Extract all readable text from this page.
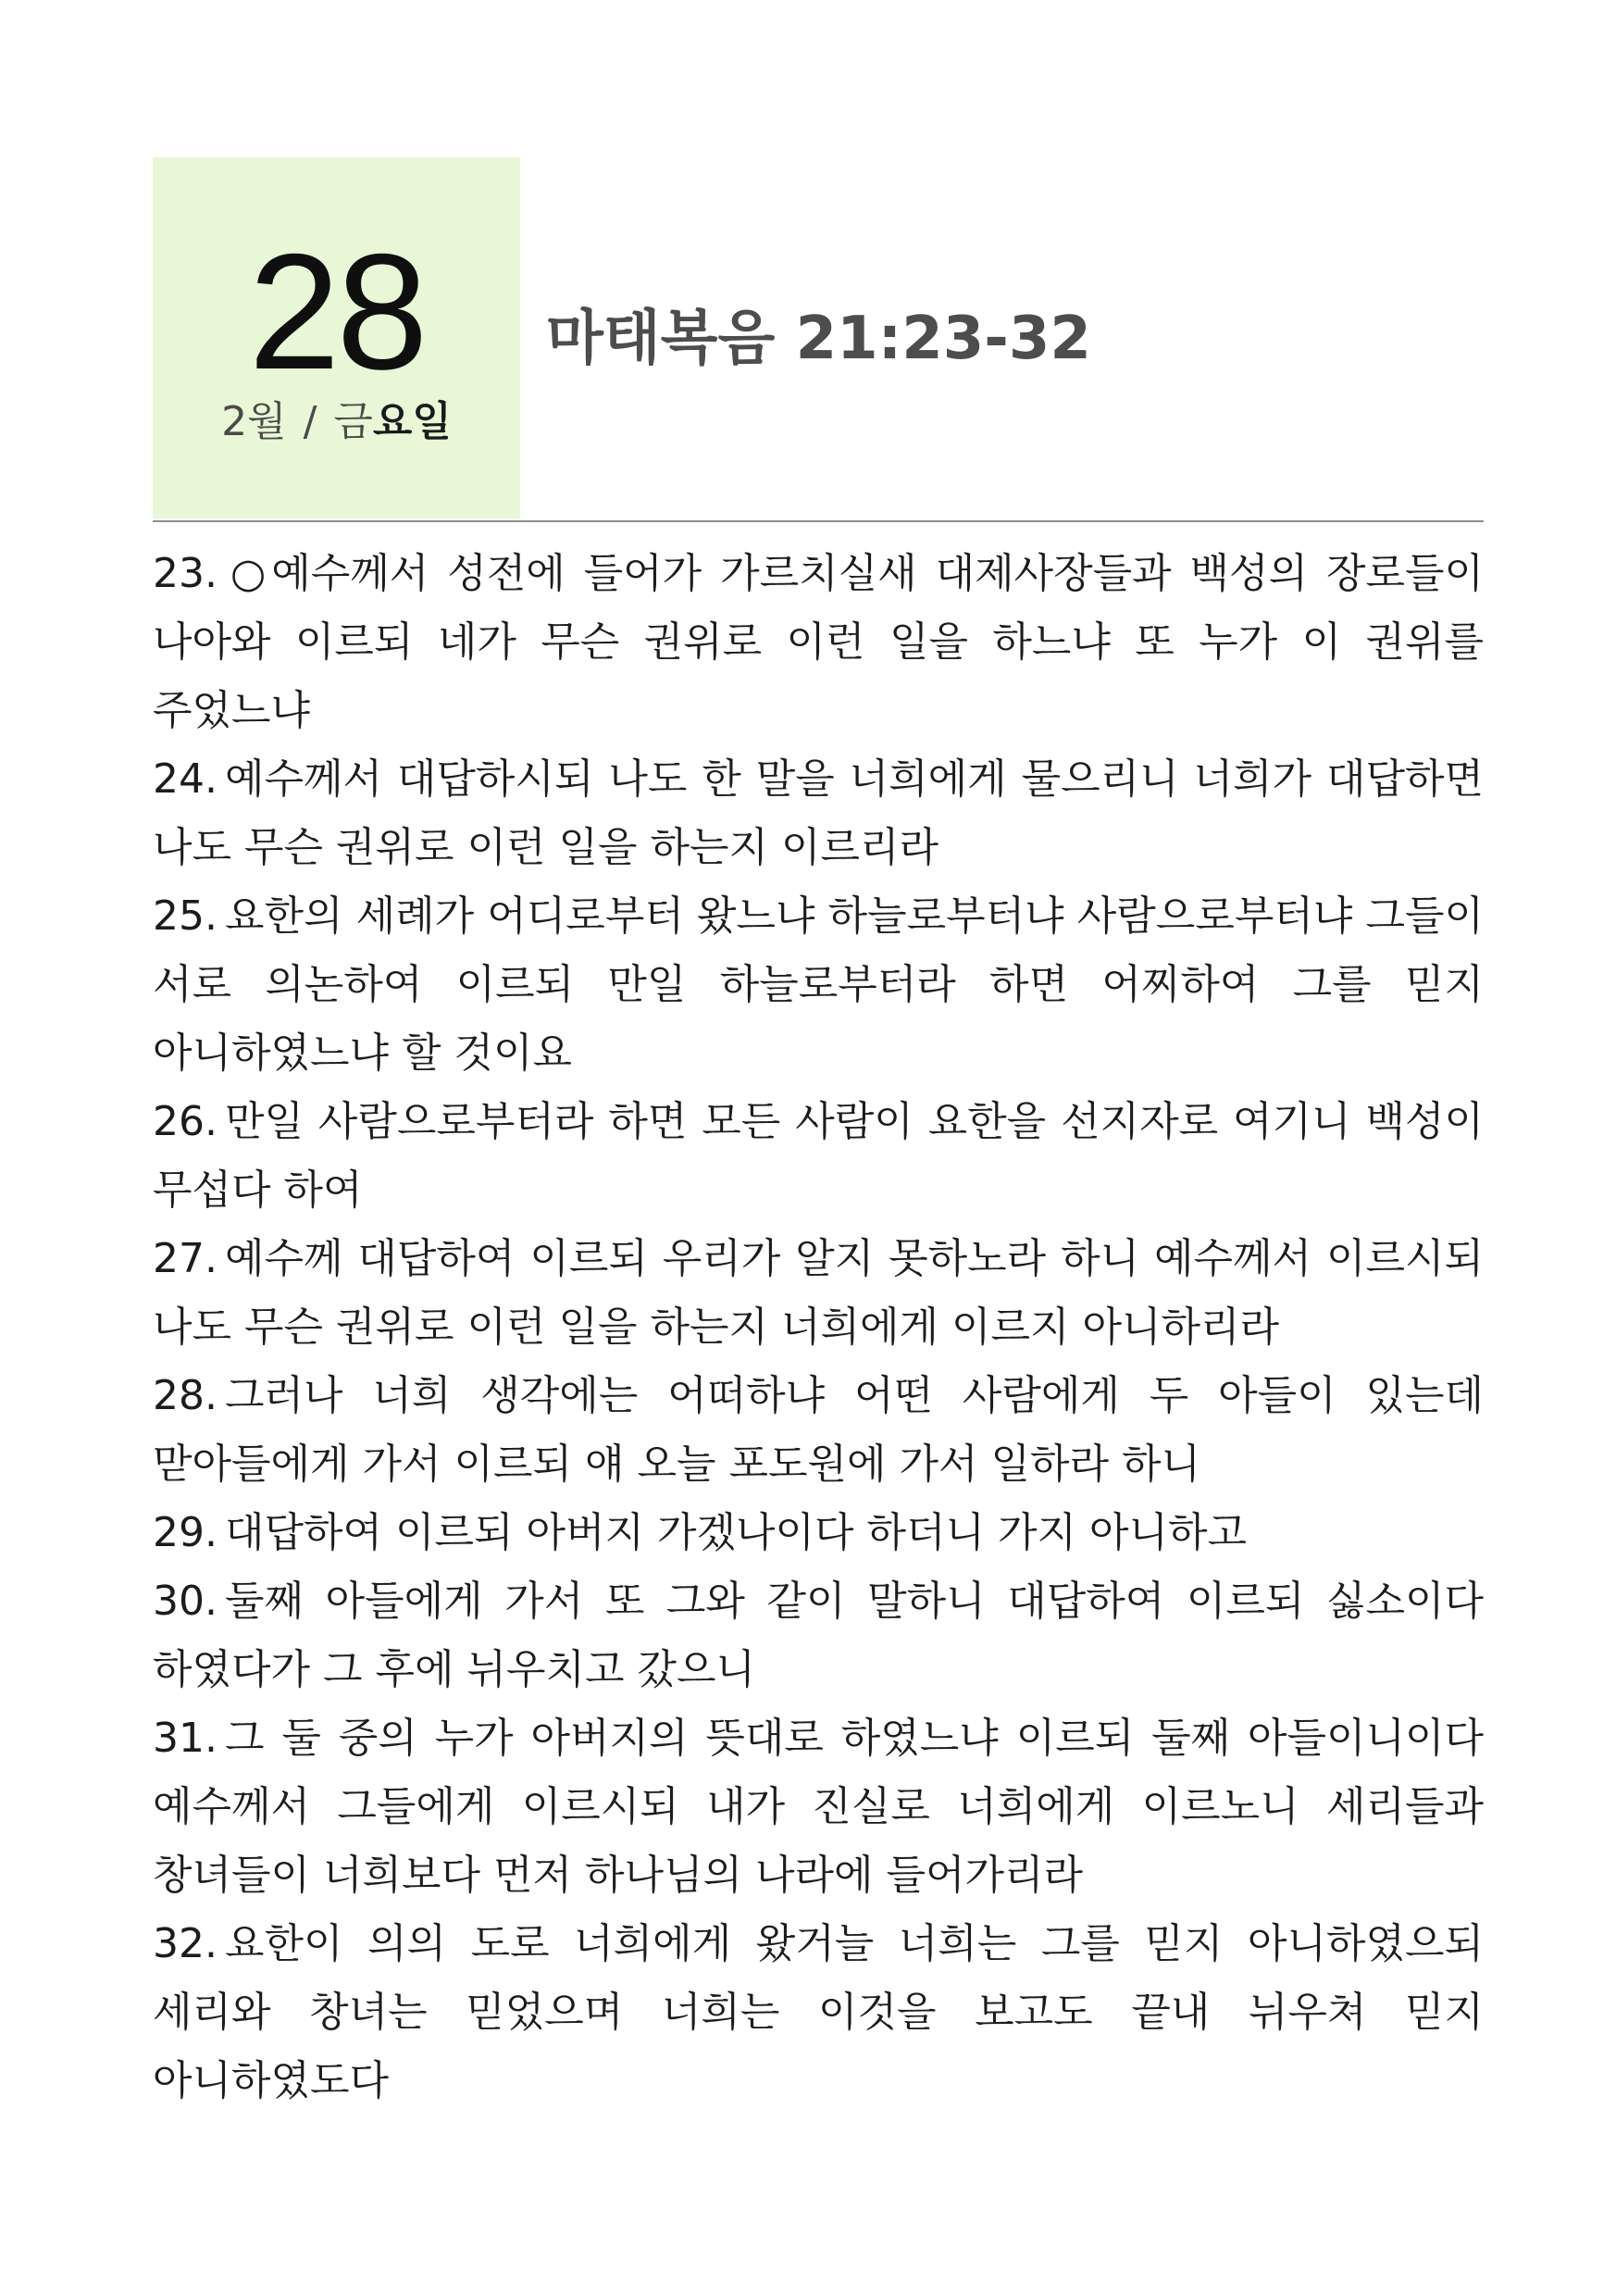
28
2월 / 금요일
마태복음 21:23-32

23. ○예수께서 성전에 들어가 가르치실새 대제사장들과 백성의 장로들이 나아와 이르되 네가 무슨 권위로 이런 일을 하느냐 또 누가 이 권위를 주었느냐

24. 예수께서 대답하시되 나도 한 말을 너희에게 물으리니 너희가 대답하면 나도 무슨 권위로 이런 일을 하는지 이르리라

25. 요한의 세례가 어디로부터 왔느냐 하늘로부터냐 사람으로부터냐 그들이 서로 의논하여 이르되 만일 하늘로부터라 하면 어찌하여 그를 믿지 아니하였느냐 할 것이요

26. 만일 사람으로부터라 하면 모든 사람이 요한을 선지자로 여기니 백성이 무섭다 하여

27. 예수께 대답하여 이르되 우리가 알지 못하노라 하니 예수께서 이르시되 나도 무슨 권위로 이런 일을 하는지 너희에게 이르지 아니하리라

28. 그러나 너희 생각에는 어떠하냐 어떤 사람에게 두 아들이 있는데 맏아들에게 가서 이르되 얘 오늘 포도원에 가서 일하라 하니

29. 대답하여 이르되 아버지 가겠나이다 하더니 가지 아니하고

30. 둘째 아들에게 가서 또 그와 같이 말하니 대답하여 이르되 싫소이다 하였다가 그 후에 뉘우치고 갔으니

31. 그 둘 중의 누가 아버지의 뜻대로 하였느냐 이르되 둘째 아들이니이다 예수께서 그들에게 이르시되 내가 진실로 너희에게 이르노니 세리들과 창녀들이 너희보다 먼저 하나님의 나라에 들어가리라

32. 요한이 의의 도로 너희에게 왔거늘 너희는 그를 믿지 아니하였으되 세리와 창녀는 믿었으며 너희는 이것을 보고도 끝내 뉘우쳐 믿지 아니하였도다
